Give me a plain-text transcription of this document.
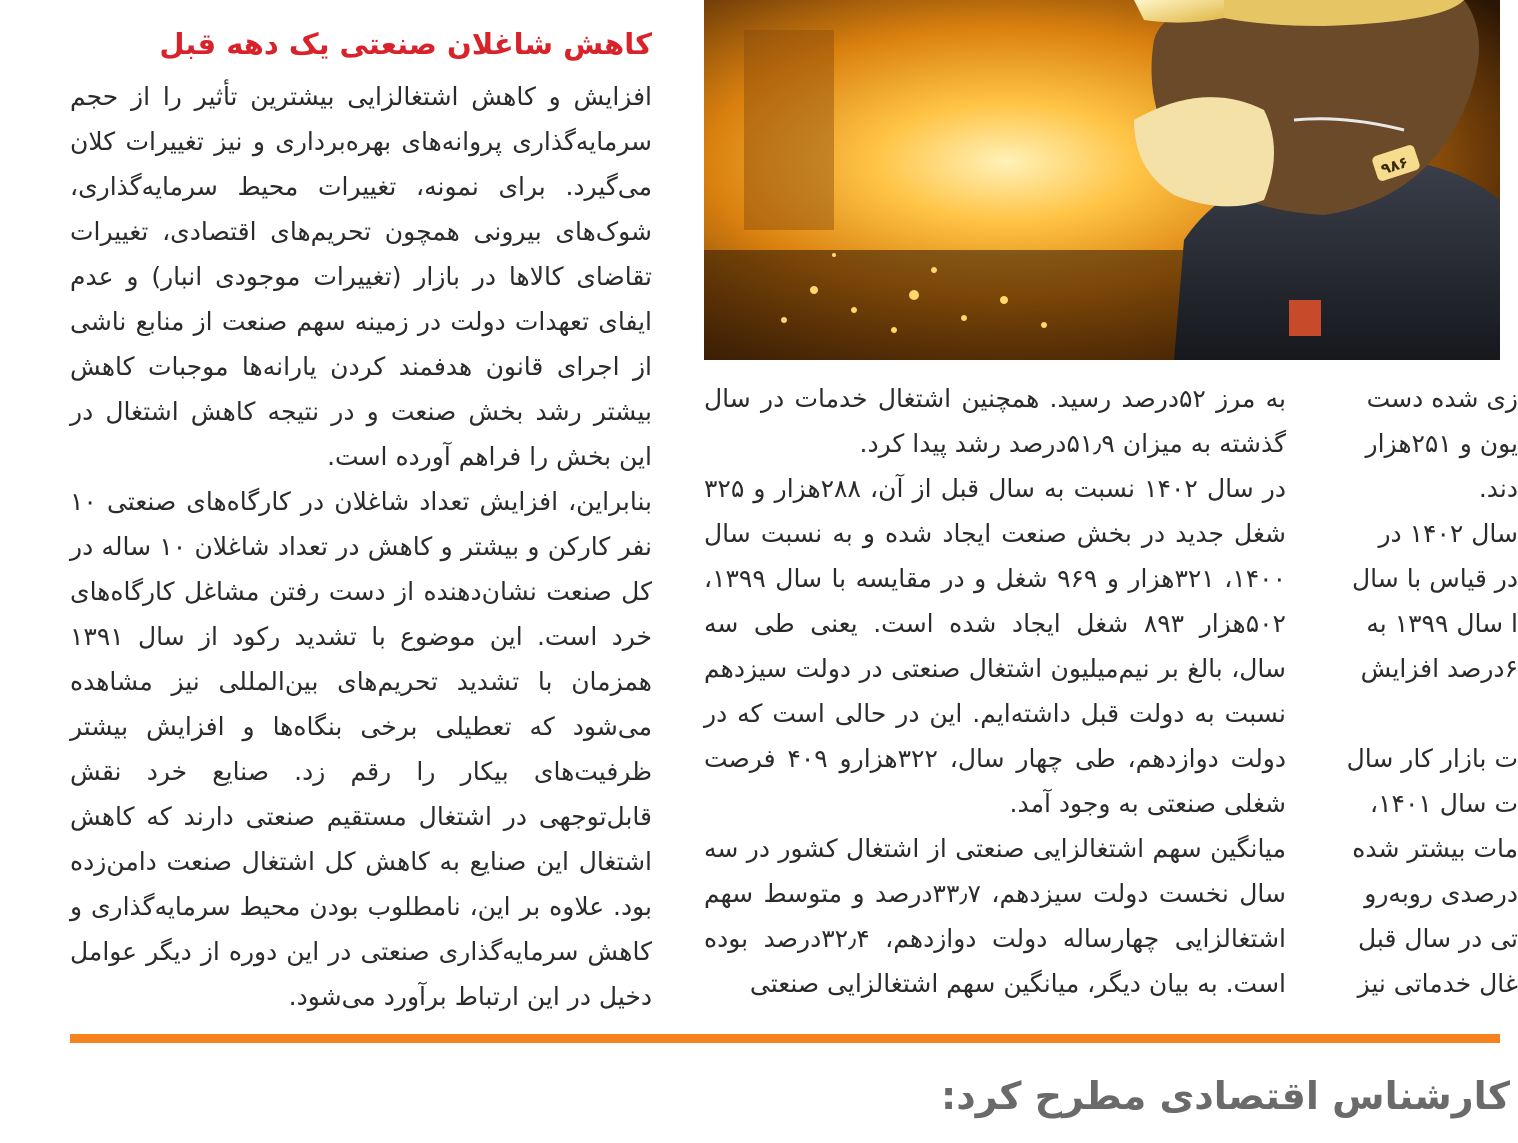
کاهش شاغلان صنعتی یک دهه قبل

افزایش و کاهش اشتغالزایی بیشترین تأثیر را از حجم سرمایه‌گذاری پروانه‌های بهره‌برداری و نیز تغییرات کلان می‌گیرد. برای نمونه، تغییرات محیط سرمایه‌گذاری، شوک‌های بیرونی همچون تحریم‌های اقتصادی، تغییرات تقاضای کالاها در بازار (تغییرات موجودی انبار) و عدم ایفای تعهدات دولت در زمینه سهم صنعت از منابع ناشی از اجرای قانون هدفمند کردن یارانه‌ها موجبات کاهش بیشتر رشد بخش صنعت و در نتیجه کاهش اشتغال در این بخش را فراهم آورده است.

بنابراین، افزایش تعداد شاغلان در کارگاه‌های صنعتی ۱۰ نفر کارکن و بیشتر و کاهش در تعداد شاغلان ۱۰ ساله در کل صنعت نشان‌دهنده از دست رفتن مشاغل کارگاه‌های خرد است. این موضوع با تشدید رکود از سال ۱۳۹۱ همزمان با تشدید تحریم‌های بین‌المللی نیز مشاهده می‌شود که تعطیلی برخی بنگاه‌ها و افزایش بیشتر ظرفیت‌های بیکار را رقم زد. صنایع خرد نقش قابل‌توجهی در اشتغال مستقیم صنعتی دارند که کاهش اشتغال این صنایع به کاهش کل اشتغال صنعت دامن‌زده بود. علاوه بر این، نامطلوب بودن محیط سرمایه‌گذاری و کاهش سرمایه‌گذاری صنعتی در این دوره از دیگر عوامل دخیل در این ارتباط برآورد می‌شود.

۹۸۶

به مرز ۵۲درصد رسید. همچنین اشتغال خدمات در سال گذشته به میزان ۵۱٫۹درصد رشد پیدا کرد.

در سال ۱۴۰۲ نسبت به سال قبل از آن، ۲۸۸هزار و ۳۲۵ شغل جدید در بخش صنعت ایجاد شده و به نسبت سال ۱۴۰۰، ۳۲۱هزار و ۹۶۹ شغل و در مقایسه با سال ۱۳۹۹، ۵۰۲هزار ۸۹۳ شغل ایجاد شده است. یعنی طی سه سال، بالغ بر نیم‌میلیون اشتغال صنعتی در دولت سیزدهم نسبت به دولت قبل داشته‌ایم. این در حالی است که در دولت دوازدهم، طی چهار سال، ۳۲۲هزارو ۴۰۹ فرصت شغلی صنعتی به وجود آمد.

میانگین سهم اشتغالزایی صنعتی از اشتغال کشور در سه سال نخست دولت سیزدهم، ۳۳٫۷درصد و متوسط سهم اشتغالزایی چهارساله دولت دوازدهم، ۳۲٫۴درصد بوده است. به بیان دیگر، میانگین سهم اشتغالزایی صنعتی

زی شده دست

یون و ۲۵۱هزار

دند.

سال ۱۴۰۲ در

در قیاس با سال

ا سال ۱۳۹۹ به

۶درصد افزایش

ت بازار کار سال

ت سال ۱۴۰۱،

مات بیشتر شده

درصدی روبه‌رو

تی در سال قبل

غال خدماتی نیز

کارشناس اقتصادی مطرح کرد:
